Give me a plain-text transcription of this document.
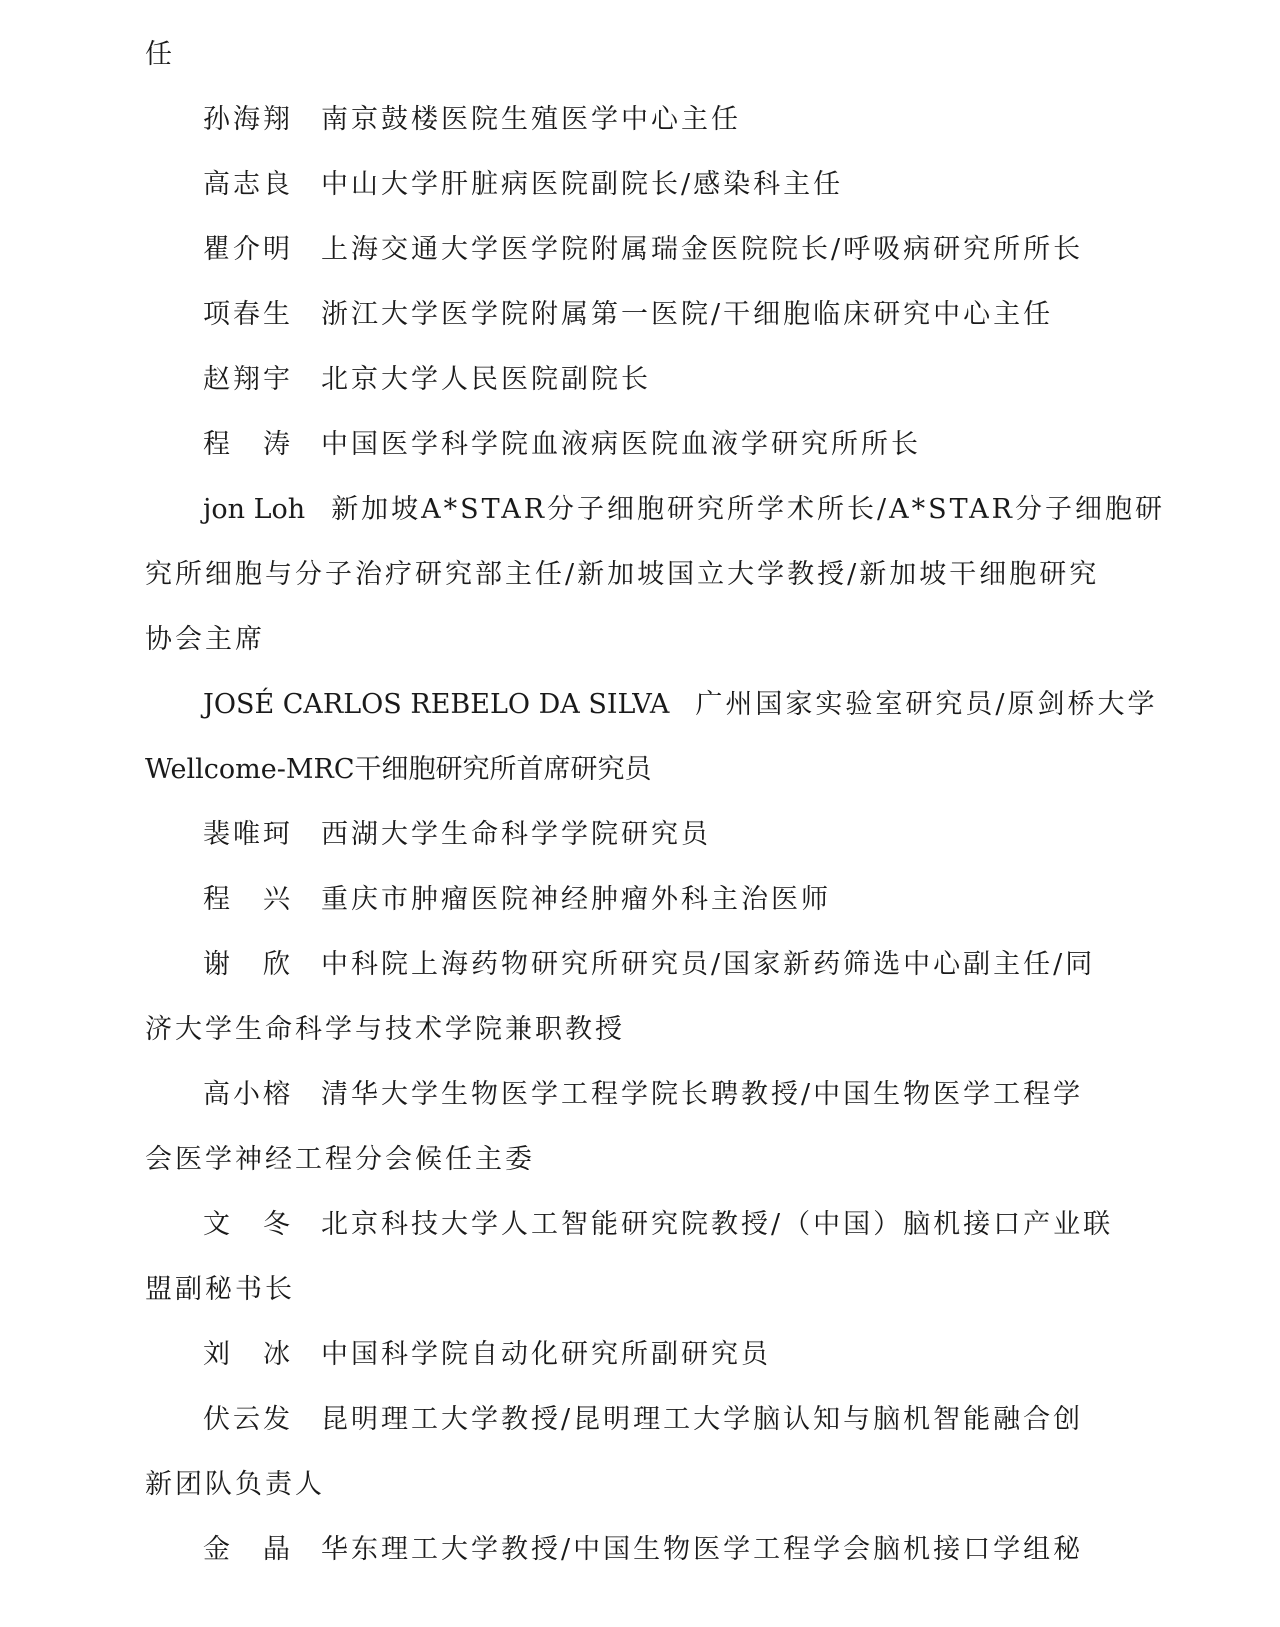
任
孙海翔 南京鼓楼医院生殖医学中心主任
高志良 中山大学肝脏病医院副院长/感染科主任
瞿介明 上海交通大学医学院附属瑞金医院院长/呼吸病研究所所长
项春生 浙江大学医学院附属第一医院/干细胞临床研究中心主任
赵翔宇 北京大学人民医院副院长
程　涛 中国医学科学院血液病医院血液学研究所所长
jon Loh 新加坡A*STAR分子细胞研究所学术所长/A*STAR分子细胞研
究所细胞与分子治疗研究部主任/新加坡国立大学教授/新加坡干细胞研究
协会主席
JOSÉ CARLOS REBELO DA SILVA 广州国家实验室研究员/原剑桥大学
Wellcome-MRC干细胞研究所首席研究员
裴唯珂 西湖大学生命科学学院研究员
程　兴 重庆市肿瘤医院神经肿瘤外科主治医师
谢　欣 中科院上海药物研究所研究员/国家新药筛选中心副主任/同
济大学生命科学与技术学院兼职教授
高小榕 清华大学生物医学工程学院长聘教授/中国生物医学工程学
会医学神经工程分会候任主委
文　冬 北京科技大学人工智能研究院教授/（中国）脑机接口产业联
盟副秘书长
刘　冰 中国科学院自动化研究所副研究员
伏云发 昆明理工大学教授/昆明理工大学脑认知与脑机智能融合创
新团队负责人
金　晶 华东理工大学教授/中国生物医学工程学会脑机接口学组秘
